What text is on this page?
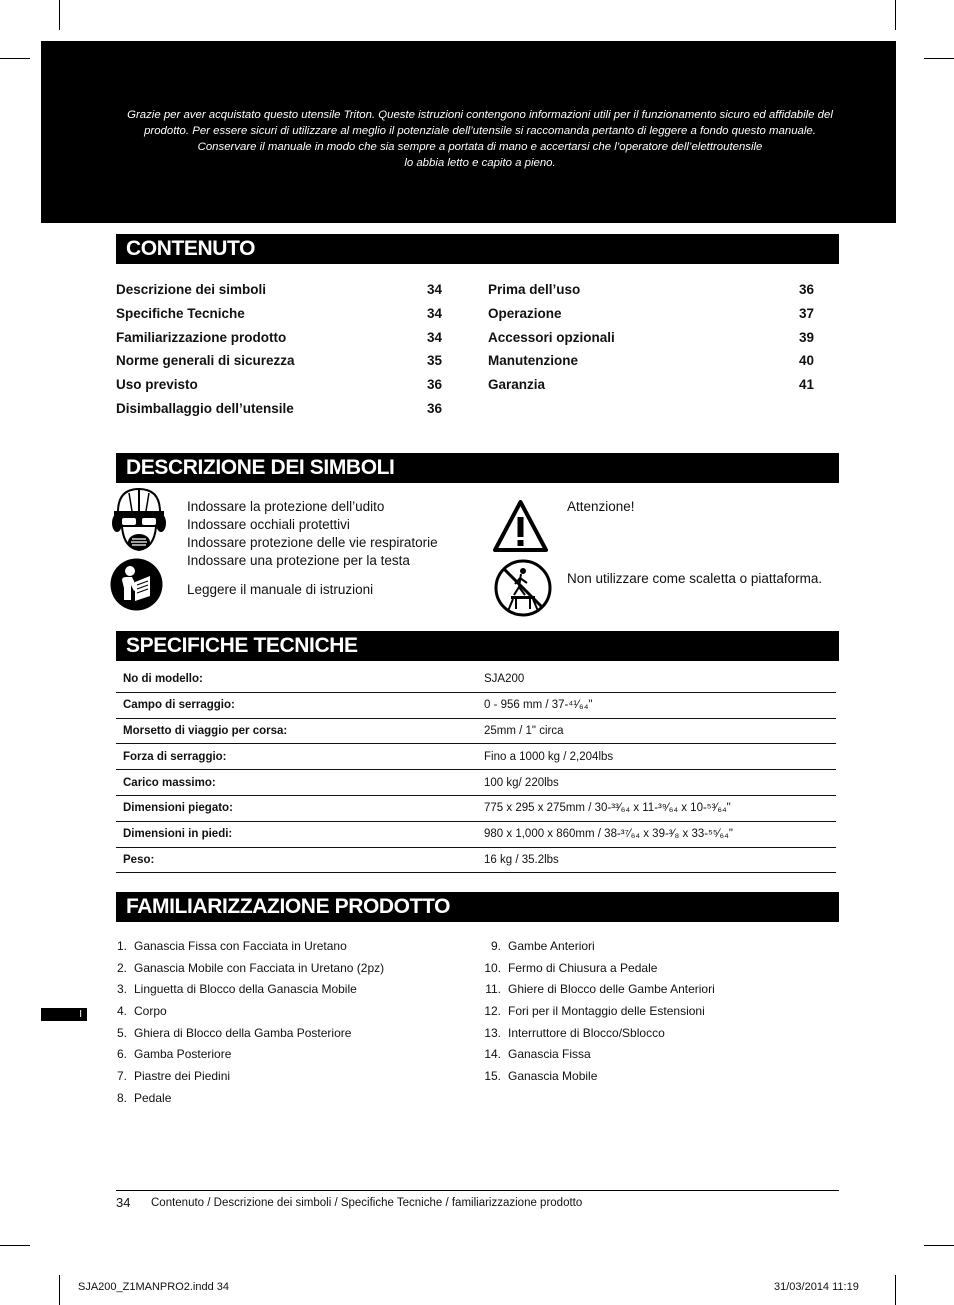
Grazie per aver acquistato questo utensile Triton. Queste istruzioni contengono informazioni utili per il funzionamento sicuro ed affidabile del
prodotto. Per essere sicuri di utilizzare al meglio il potenziale dell’utensile si raccomanda pertanto di leggere a fondo questo manuale.
Conservare il manuale in modo che sia sempre a portata di mano e accertarsi che l’operatore dell’elettroutensile
lo abbia letto e capito a pieno.
CONTENUTO
Descrizione dei simboli	34
Specifiche Tecniche	34
Familiarizzazione prodotto	34
Norme generali di sicurezza	35
Uso previsto	36
Disimballaggio dell’utensile	36
Prima dell’uso	36
Operazione	37
Accessori opzionali	39
Manutenzione	40
Garanzia	41
DESCRIZIONE DEI SIMBOLI
Indossare la protezione dell’udito
Indossare occhiali protettivi
Indossare protezione delle vie respiratorie
Indossare una protezione per la testa
Leggere il manuale di istruzioni
Attenzione!
Non utilizzare come scaletta o piattaforma.
SPECIFICHE TECNICHE
No di modello:	SJA200
Campo di serraggio:	0 - 956 mm / 37-⁴¹⁄₆₄"
Morsetto di viaggio per corsa:	25mm / 1" circa
Forza di serraggio:	Fino a 1000 kg / 2,204lbs
Carico massimo:	100 kg/ 220lbs
Dimensioni piegato:	775 x 295 x 275mm / 30-³³⁄₆₄ x 11-³⁹⁄₆₄ x 10-⁵³⁄₆₄"
Dimensioni in piedi:	980 x 1,000 x 860mm / 38-³⁷⁄₆₄ x 39-³⁄₈ x 33-⁵⁵⁄₆₄"
Peso:	16 kg / 35.2lbs
FAMILIARIZZAZIONE PRODOTTO
1. Ganascia Fissa con Facciata in Uretano
2. Ganascia Mobile con Facciata in Uretano (2pz)
3. Linguetta di Blocco della Ganascia Mobile
4. Corpo
5. Ghiera di Blocco della Gamba Posteriore
6. Gamba Posteriore
7. Piastre dei Piedini
8. Pedale
9. Gambe Anteriori
10. Fermo di Chiusura a Pedale
11. Ghiere di Blocco delle Gambe Anteriori
12. Fori per il Montaggio delle Estensioni
13. Interruttore di Blocco/Sblocco
14. Ganascia Fissa
15. Ganascia Mobile
I
34 Contenuto / Descrizione dei simboli / Specifiche Tecniche / familiarizzazione prodotto
SJA200_Z1MANPRO2.indd 34	31/03/2014 11:19
